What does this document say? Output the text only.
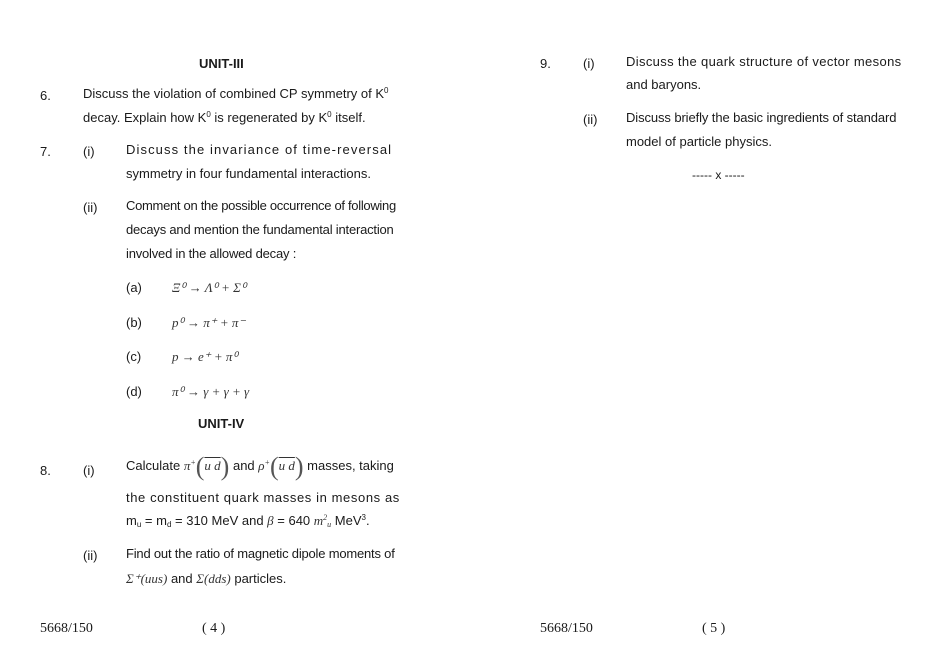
UNIT-III
6. Discuss the violation of combined CP symmetry of $K^0$
decay. Explain how $K^0$ is regenerated by $K^0$ itself.
7. (i) Discuss the invariance of time-reversal
symmetry in four fundamental interactions.
(ii) Comment on the possible occurrence of following
decays and mention the fundamental interaction
involved in the allowed decay :
(a) Ξ⁰ → Λ⁰ + Σ⁰
(b) p⁰ → π⁺ + π⁻
(c) p → e⁺ + π⁰
(d) π⁰ → γ + γ + γ
UNIT-IV
8. (i) Calculate π+(u d) and ρ+(u d) masses, taking
the constituent quark masses in mesons as
$m_u = m_d = 310$ MeV and β = 640 $m^2_u$ MeV$^3$.
(ii) Find out the ratio of magnetic dipole moments of
Σ⁺(uus) and Σ(dds) particles.
5668/150	( 4 )
9. (i) Discuss the quark structure of vector mesons
and baryons.
(ii) Discuss briefly the basic ingredients of standard
model of particle physics.
----- x -----
5668/150	( 5 )
